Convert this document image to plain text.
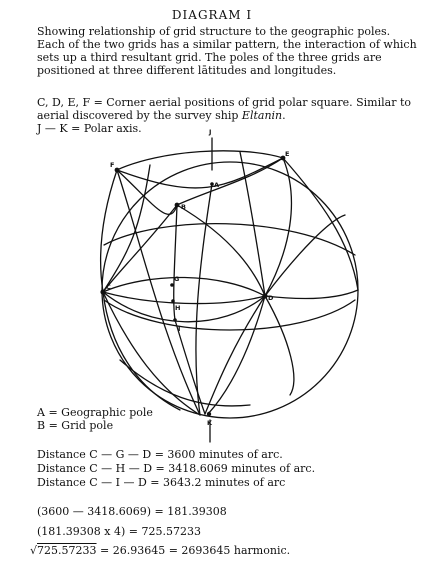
DIAGRAM I
Showing relationship of grid structure to the geographic poles. Each of the two grids has a similar pattern, the interaction of which sets up a third resultant grid. The poles of the three grids are positioned at three different lātitudes and longitudes.
C, D, E, F = Corner aerial positions of grid polar square. Similar to aerial discovered by the survey ship Eltanin.
J — K = Polar axis.	J
A
B
C
D
E
F
G
H
I
K
A = Geographic pole
B = Grid pole
Distance C — G — D = 3600 minutes of arc.
Distance C — H — D = 3418.6069 minutes of arc.
Distance C — I — D = 3643.2 minutes of arc
(3600 — 3418.6069) = 181.39308
(181.39308 x 4) = 725.57233
√725.57233 = 26.93645 = 2693645 harmonic.
